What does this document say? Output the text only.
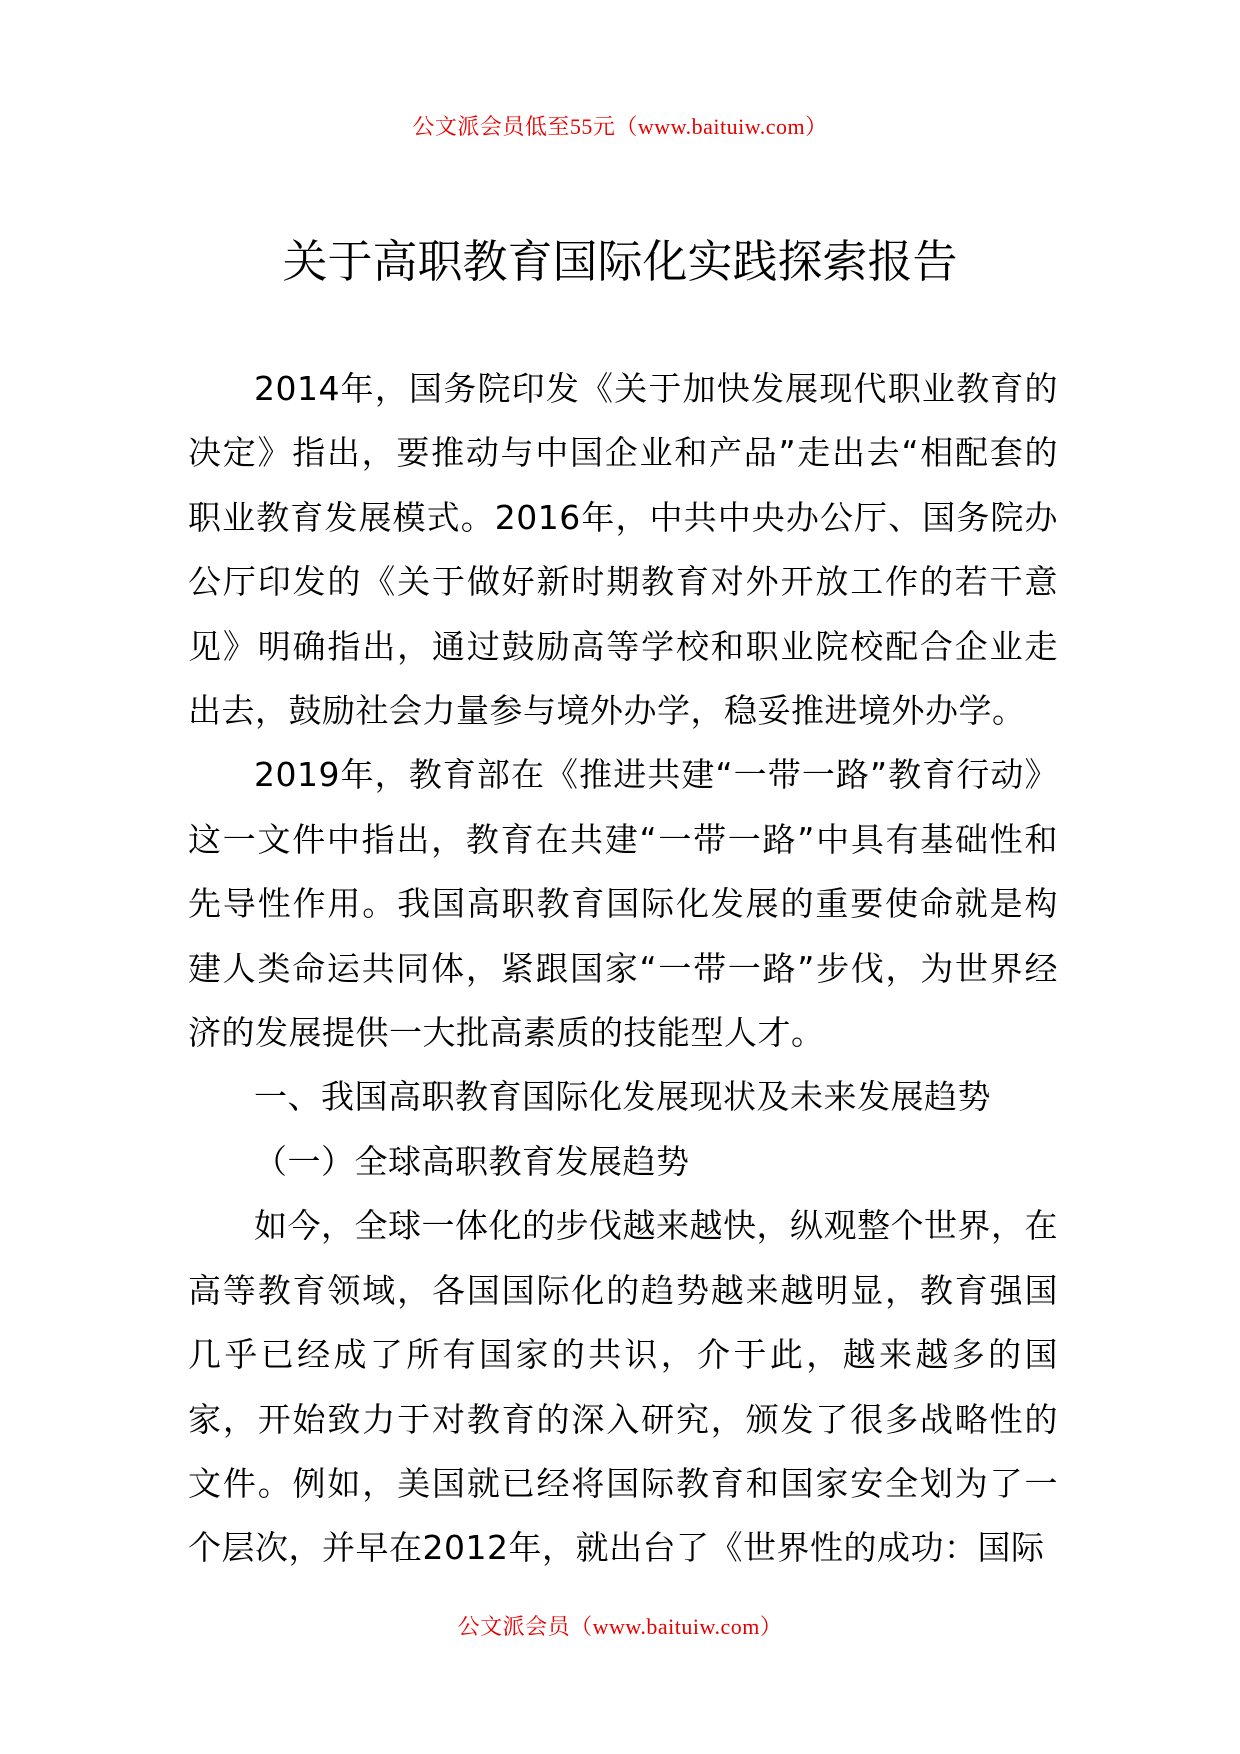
公文派会员低至55元（www.baituiw.com）
关于高职教育国际化实践探索报告

2014年，国务院印发《关于加快发展现代职业教育的决定》指出，要推动与中国企业和产品”走出去“相配套的职业教育发展模式。2016年，中共中央办公厅、国务院办公厅印发的《关于做好新时期教育对外开放工作的若干意见》明确指出，通过鼓励高等学校和职业院校配合企业走出去，鼓励社会力量参与境外办学，稳妥推进境外办学。

2019年，教育部在《推进共建“一带一路”教育行动》这一文件中指出，教育在共建“一带一路”中具有基础性和先导性作用。我国高职教育国际化发展的重要使命就是构建人类命运共同体，紧跟国家“一带一路”步伐，为世界经济的发展提供一大批高素质的技能型人才。

一、我国高职教育国际化发展现状及未来发展趋势

（一）全球高职教育发展趋势

如今，全球一体化的步伐越来越快，纵观整个世界，在高等教育领域，各国国际化的趋势越来越明显，教育强国几乎已经成了所有国家的共识，介于此，越来越多的国家，开始致力于对教育的深入研究，颁发了很多战略性的文件。例如，美国就已经将国际教育和国家安全划为了一个层次，并早在2012年，就出台了《世界性的成功：国际

公文派会员（www.baituiw.com）
